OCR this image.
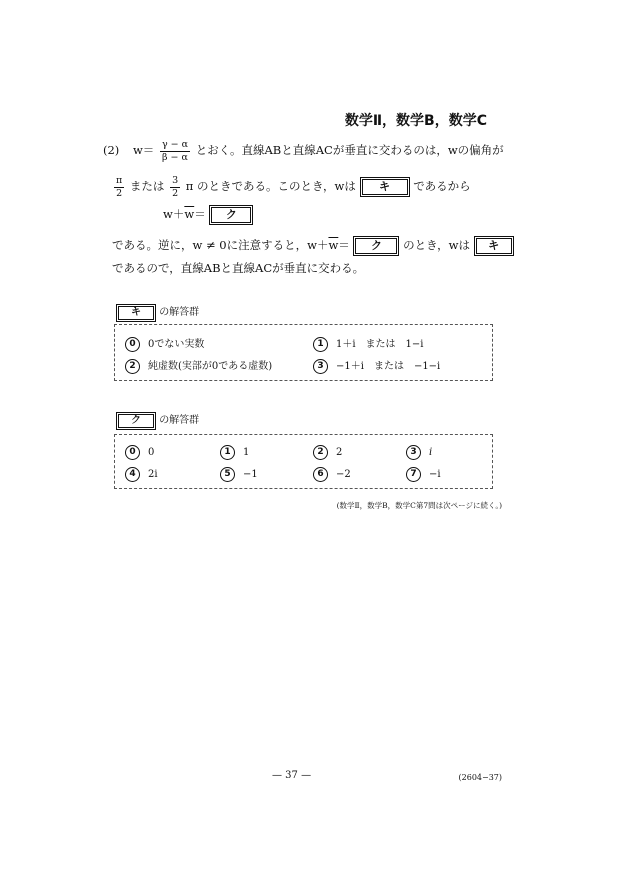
数学Ⅱ，数学B，数学C
(2) $w= \frac{\gamma - \alpha}{\beta - \alpha}$ とおく。直線ABと直線ACが垂直に交わるのは，wの偏角が
$\frac{\pi}{2}$ または $\frac{3}{2}$ π のときである。このとき，wは キ であるから
$w+\overline{w}=$ ク
である。逆に，w ≠ 0に注意すると，$w+\overline{w}=$ ク のとき，wは キ
であるので，直線ABと直線ACが垂直に交わる。
キ の解答群
0 0でない実数	1 1＋i　または　1−i
2 純虚数(実部が0である虚数)	3 −1＋i　または　−1−i
ク の解答群
0 0	1 1	2 2	3 i
4 2i	5 −1	6 −2	7 −i
(数学Ⅱ，数学B，数学C第7問は次ページに続く。)
— 37 —	(2604−37)
